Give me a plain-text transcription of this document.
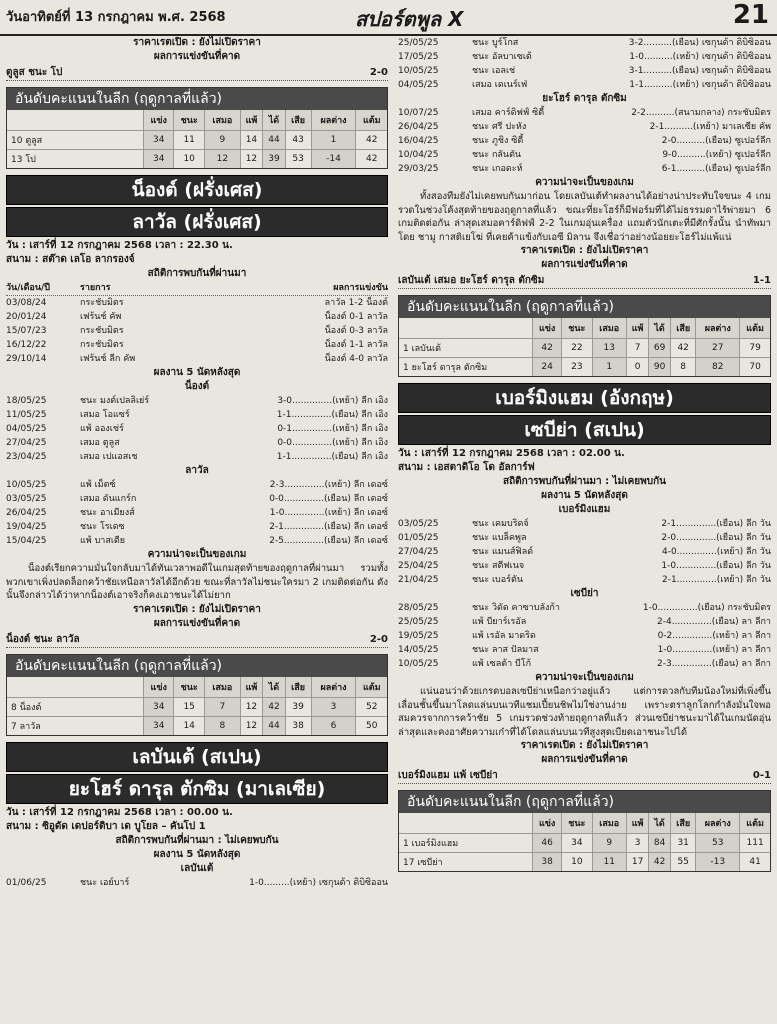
วันอาทิตย์ที่ 13 กรกฎาคม พ.ศ. 2568	สปอร์ตพูล X	21
ราคาเรตเปิด : ยังไม่เปิดราคา
ผลการแข่งขันที่คาด
ตูลูส ชนะ โป	2-0
อันดับคะแนนในลีก (ฤดูกาลที่แล้ว)
	แข่ง	ชนะ	เสมอ	แพ้	ได้	เสีย	ผลต่าง	แต้ม
10 ตูลูส	34	11	9	14	44	43	1	42
13 โป	34	10	12	12	39	53	-14	42
น็องต์ (ฝรั่งเศส)
ลาวัล (ฝรั่งเศส)
วัน : เสาร์ที่ 12 กรกฎาคม 2568 เวลา : 22.30 น.
สนาม : สต๊าด เลโอ ลากรองจ์
สถิติการพบกันที่ผ่านมา
วัน/เดือน/ปี	รายการ	ผลการแข่งขัน
03/08/24	กระชับมิตร	ลาวัล 1-2 น็องต์
20/01/24	เฟร้นช์ คัพ	น็องต์ 0-1 ลาวัล
15/07/23	กระชับมิตร	น็องต์ 0-3 ลาวัล
16/12/22	กระชับมิตร	น็องต์ 1-1 ลาวัล
29/10/14	เฟร้นช์ ลีก คัพ	น็องต์ 4-0 ลาวัล
ผลงาน 5 นัดหลังสุด
น็องต์
18/05/25	ชนะ มงต์เปลลิเย่ร์	3-0..............(เหย้า) ลีก เอิง
11/05/25	เสมอ โอแซร์	1-1..............(เยือน) ลีก เอิง
04/05/25	แพ้ อองเช่ร์	0-1..............(เหย้า) ลีก เอิง
27/04/25	เสมอ ตูลูส	0-0..............(เหย้า) ลีก เอิง
23/04/25	เสมอ เปแอสเช	1-1..............(เยือน) ลีก เอิง
ลาวัล
10/05/25	แพ้ เม็ตซ์	2-3..............(เหย้า) ลีก เดอซ์
03/05/25	เสมอ ดันแกร์ก	0-0..............(เยือน) ลีก เดอซ์
26/04/25	ชนะ อาเมียงส์	1-0..............(เหย้า) ลีก เดอซ์
19/04/25	ชนะ โรเดซ	2-1..............(เยือน) ลีก เดอซ์
15/04/25	แพ้ บาสเตีย	2-5..............(เยือน) ลีก เดอซ์
ความน่าจะเป็นของเกม
น็องต์เรียกความมั่นใจกลับมาได้ทันเวลาพอดีในเกมสุดท้ายของฤดูกาลที่ผ่านมา รวมทั้งพวกเขาเพิ่งปลดล็อกคว้าชัยเหนือลาวัลได้อีกด้วย ขณะที่ลาวัลไม่ชนะใครมา 2 เกมติดต่อกัน ดังนั้นจึงกล่าวได้ว่าหากน็องต์เอาจริงก็คงเอาชนะได้ไม่ยาก
ราคาเรตเปิด : ยังไม่เปิดราคา
ผลการแข่งขันที่คาด
น็องต์ ชนะ ลาวัล	2-0
อันดับคะแนนในลีก (ฤดูกาลที่แล้ว)
	แข่ง	ชนะ	เสมอ	แพ้	ได้	เสีย	ผลต่าง	แต้ม
8 น็องต์	34	15	7	12	42	39	3	52
7 ลาวัล	34	14	8	12	44	38	6	50
เลบันเต้ (สเปน)
ยะโฮร์ ดารุล ตักซิม (มาเลเซีย)
วัน : เสาร์ที่ 12 กรกฎาคม 2568 เวลา : 00.00 น.
สนาม : ซิอูดัด เดปอร์ติบา เด บูโยล – คันโป 1
สถิติการพบกันที่ผ่านมา : ไม่เคยพบกัน
ผลงาน 5 นัดหลังสุด
เลบันเต้
01/06/25	ชนะ เอย์บาร์	1-0.........(เหย้า) เซกุนด้า ดิบิซิออน
25/05/25	ชนะ บูร์โกส	3-2..........(เยือน) เซกุนด้า ดิบิซิออน
17/05/25	ชนะ อัลบาเซเต้	1-0..........(เหย้า) เซกุนด้า ดิบิซิออน
10/05/25	ชนะ เอลเช่	3-1..........(เยือน) เซกุนด้า ดิบิซิออน
04/05/25	เสมอ เดเนร์เฟ่	1-1..........(เหย้า) เซกุนด้า ดิบิซิออน
ยะโฮร์ ดารุล ตักซิม
10/07/25	เสมอ คาร์ดิฟฟ์ ซิตี้	2-2..........(สนามกลาง) กระชับมิตร
26/04/25	ชนะ ศรี ปะหัง	2-1..........(เหย้า) มาเลเซีย คัพ
16/04/25	ชนะ ภูชิง ซิตี้	2-0..........(เยือน) ซูเปอร์ลีก
10/04/25	ชนะ กลันตัน	9-0..........(เหย้า) ซูเปอร์ลีก
29/03/25	ชนะ เกอดะห์	6-1..........(เยือน) ซูเปอร์ลีก
ความน่าจะเป็นของเกม
ทั้งสองทีมยังไม่เคยพบกันมาก่อน โดยเลบันเต้ทำผลงานได้อย่างน่าประทับใจขนะ 4 เกมรวดในช่วงโค้งสุดท้ายของฤดูกาลที่แล้ว ขณะที่ยะโฮร์ก็มีฟอร์มที่ได้ไม่ธรรมดาไร้พ่ายมา 6 เกมติดต่อกัน ล่าสุดเสมอคาร์ดิฟฟ์ 2-2 ในเกมอุ่นเครื่อง แถมตัวนักเตะที่มีศักรั้งนั้น นำทัพมาโดย ชามู กาสติเยโฆ่ ที่เคยค้าแข้งกับเอซี มิลาน จึงเชื่อว่าอย่างน้อยยะโฮร์ไม่แพ้แน่
ราคาเรตเปิด : ยังไม่เปิดราคา
ผลการแข่งขันที่คาด
เลบันเต้ เสมอ ยะโฮร์ ดารุล ตักซิม	1-1
อันดับคะแนนในลีก (ฤดูกาลที่แล้ว)
	แข่ง	ชนะ	เสมอ	แพ้	ได้	เสีย	ผลต่าง	แต้ม
1 เลบันเต้	42	22	13	7	69	42	27	79
1 ยะโฮร์ ดารุล ตักซิม	24	23	1	0	90	8	82	70
เบอร์มิงแฮม (อังกฤษ)
เซบีย่า (สเปน)
วัน : เสาร์ที่ 12 กรกฎาคม 2568 เวลา : 02.00 น.
สนาม : เอสตาดิโอ โด อัลการ์ฟ
สถิติการพบกันที่ผ่านมา : ไม่เคยพบกัน
ผลงาน 5 นัดหลังสุด
เบอร์มิงแฮม
03/05/25	ชนะ เคมบริดจ์	2-1..............(เยือน) ลีก วัน
01/05/25	ชนะ แบล็คพูล	2-0..............(เยือน) ลีก วัน
27/04/25	ชนะ แมนส์ฟิลด์	4-0..............(เหย้า) ลีก วัน
25/04/25	ชนะ สตีฟเนจ	1-0..............(เยือน) ลีก วัน
21/04/25	ชนะ เบอร์ตัน	2-1..............(เหย้า) ลีก วัน
เซบีย่า
28/05/25	ชนะ วิดัด คาซาบลังก้า	1-0..............(เยือน) กระชับมิตร
25/05/25	แพ้ บียาร์เรอัล	2-4..............(เยือน) ลา ลีกา
19/05/25	แพ้ เรอัล มาดริด	0-2..............(เหย้า) ลา ลีกา
14/05/25	ชนะ ลาส ปัลมาส	1-0..............(เหย้า) ลา ลีกา
10/05/25	แพ้ เซลต้า บีโก้	2-3..............(เยือน) ลา ลีกา
ความน่าจะเป็นของเกม
แน่นอนว่าด้วยเกรดบอลเซบีย่าเหนือกว่าอยู่แล้ว แต่การดวลกับทีมน้องใหม่ที่เพิ่งขึ้นเลื่อนชั้นขึ้นมาโลดแล่นบนเวทีแชมเปี้ยนชิพไม่ใช่งานง่าย เพราะตราลูกโลกกำลังมั่นใจพอสมควรจากการคว้าชัย 5 เกมรวดช่วงท้ายฤดูกาลที่แล้ว ส่วนเซบีย่าชนะมาได้ในเกมนัดอุ่นล่าสุดและคงอาศัยความเก๋าที่ได้โดลแล่นบนเวทีสูงสุดเบียดเอาชนะไปได้
ราคาเรตเปิด : ยังไม่เปิดราคา
ผลการแข่งขันที่คาด
เบอร์มิงแฮม แพ้ เซบีย่า	0-1
อันดับคะแนนในลีก (ฤดูกาลที่แล้ว)
	แข่ง	ชนะ	เสมอ	แพ้	ได้	เสีย	ผลต่าง	แต้ม
1 เบอร์มิงแฮม	46	34	9	3	84	31	53	111
17 เซบีย่า	38	10	11	17	42	55	-13	41
